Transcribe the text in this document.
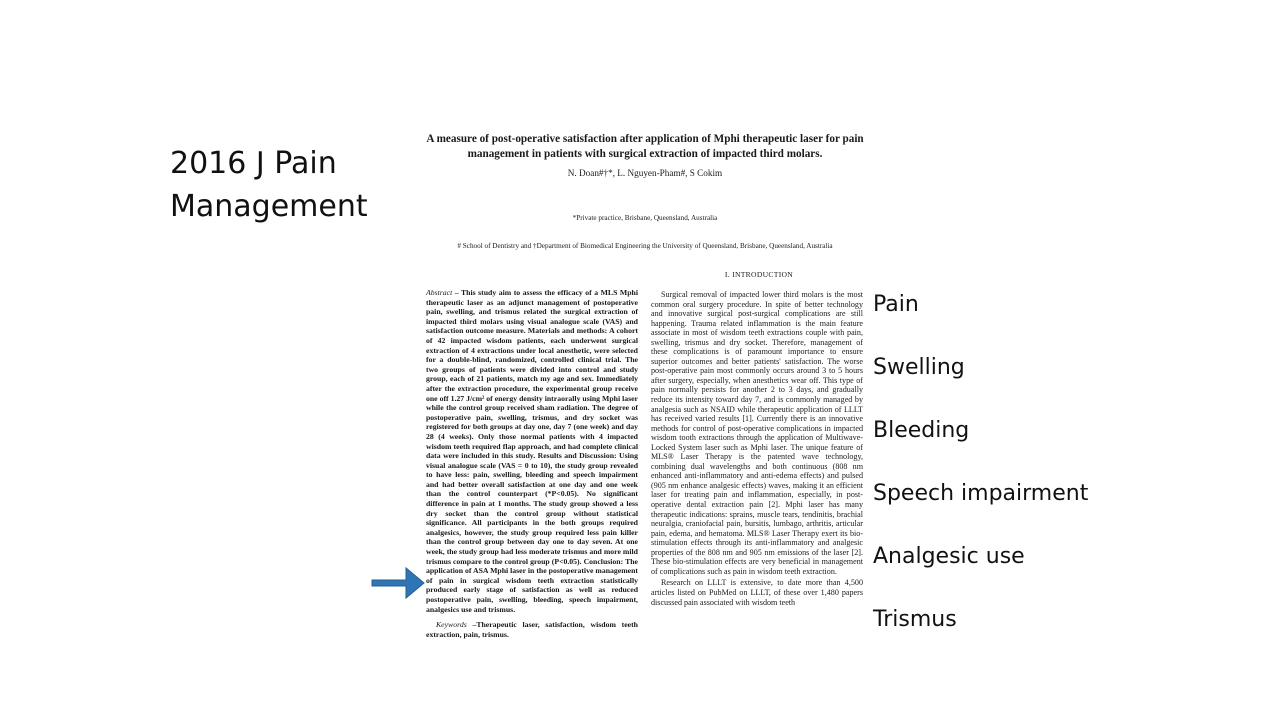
2016 J Pain
Management
A measure of post-operative satisfaction after application of Mphi therapeutic laser for pain management in patients with surgical extraction of impacted third molars.
N. Doan#†*, L. Nguyen-Pham#, S Cokim
*Private practice, Brisbane, Queensland, Australia
# School of Dentistry and †Department of Biomedical Engineering the University of Queensland, Brisbane, Queensland, Australia
I. INTRODUCTION

Abstract – This study aim to assess the efficacy of a MLS Mphi therapeutic laser as an adjunct management of postoperative pain, swelling, and trismus related the surgical extraction of impacted third molars using visual analogue scale (VAS) and satisfaction outcome measure. Materials and methods: A cohort of 42 impacted wisdom patients, each underwent surgical extraction of 4 extractions under local anesthetic, were selected for a double-blind, randomized, controlled clinical trial. The two groups of patients were divided into control and study group, each of 21 patients, match my age and sex. Immediately after the extraction procedure, the experimental group receive one off 1.27 J/cm² of energy density intraorally using Mphi laser while the control group received sham radiation. The degree of postoperative pain, swelling, trismus, and dry socket was registered for both groups at day one, day 7 (one week) and day 28 (4 weeks). Only those normal patients with 4 impacted wisdom teeth required flap approach, and had complete clinical data were included in this study. Results and Discussion: Using visual analogue scale (VAS = 0 to 10), the study group revealed to have less: pain, swelling, bleeding and speech impairment and had better overall satisfaction at one day and one week than the control counterpart (*P<0.05). No significant difference in pain at 1 months. The study group showed a less dry socket than the control group without statistical significance. All participants in the both groups required analgesics, however, the study group required less pain killer than the control group between day one to day seven. At one week, the study group had less moderate trismus and more mild trismus compare to the control group (P<0.05). Conclusion: The application of ASA Mphi laser in the postoperative management of pain in surgical wisdom teeth extraction statistically produced early stage of satisfaction as well as reduced postoperative pain, swelling, bleeding, speech impairment, analgesics use and trismus.

Keywords –Therapeutic laser, satisfaction, wisdom teeth extraction, pain, trismus.

Surgical removal of impacted lower third molars is the most common oral surgery procedure. In spite of better technology and innovative surgical post-surgical complications are still happening. Trauma related inflammation is the main feature associate in most of wisdom teeth extractions couple with pain, swelling, trismus and dry socket. Therefore, management of these complications is of paramount importance to ensure superior outcomes and better patients' satisfaction. The worse post-operative pain most commonly occurs around 3 to 5 hours after surgery, especially, when anesthetics wear off. This type of pain normally persists for another 2 to 3 days, and gradually reduce its intensity toward day 7, and is commonly managed by analgesia such as NSAID while therapeutic application of LLLT has received varied results [1]. Currently there is an innovative methods for control of post-operative complications in impacted wisdom tooth extractions through the application of Multiwave-Locked System laser such as Mphi laser. The unique feature of MLS® Laser Therapy is the patented wave technology, combining dual wavelengths and both continuous (808 nm enhanced anti-inflammatory and anti-edema effects) and pulsed (905 nm enhance analgesic effects) waves, making it an efficient laser for treating pain and inflammation, especially, in post-operative dental extraction pain [2]. Mphi laser has many therapeutic indications: sprains, muscle tears, tendinitis, brachial neuralgia, craniofacial pain, bursitis, lumbago, arthritis, articular pain, edema, and hematoma. MLS® Laser Therapy exert its bio-stimulation effects through its anti-inflammatory and analgesic properties of the 808 nm and 905 nm emissions of the laser [2]. These bio-stimulation effects are very beneficial in management of complications such as pain in wisdom teeth extraction.

Research on LLLT is extensive, to date more than 4,500 articles listed on PubMed on LLLT, of these over 1,480 papers discussed pain associated with wisdom teeth

Pain
Swelling
Bleeding
Speech impairment
Analgesic use
Trismus
